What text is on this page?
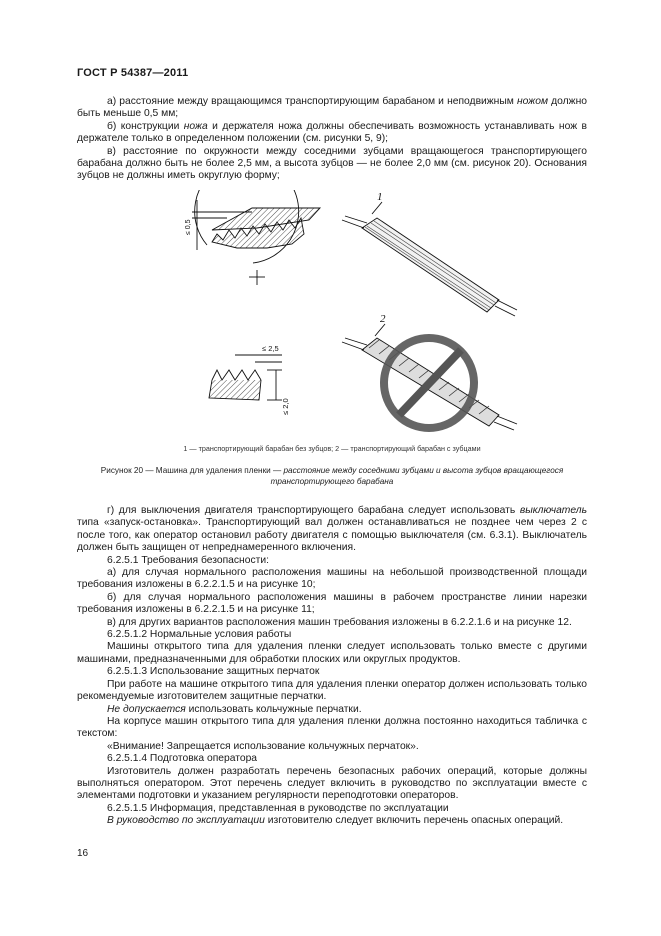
ГОСТ Р 54387—2011

а) расстояние между вращающимся транспортирующим барабаном и неподвижным ножом должно быть меньше 0,5 мм;

б) конструкции ножа и держателя ножа должны обеспечивать возможность устанавливать нож в держателе только в определенном положении (см. рисунки 5, 9);

в) расстояние по окружности между соседними зубцами вращающегося транспортирующего барабана должно быть не более 2,5 мм, а высота зубцов — не более 2,0 мм (см. рисунок 20). Основания зубцов не должны иметь округлую форму;

≤ 0,5
≤ 2,5
≤ 2,0
1
2
1 — транспортирующий барабан без зубцов; 2 — транспортирующий барабан с зубцами
Рисунок 20 — Машина для удаления пленки — расстояние между соседними зубцами и высота зубцов вращающегося транспортирующего барабана

г) для выключения двигателя транспортирующего барабана следует использовать выключатель типа «запуск-остановка». Транспортирующий вал должен останавливаться не позднее чем через 2 с после того, как оператор остановил работу двигателя с помощью выключателя (см. 6.3.1). Выключатель должен быть защищен от непреднамеренного включения.

6.2.5.1 Требования безопасности:

а) для случая нормального расположения машины на небольшой производственной площади требования изложены в 6.2.2.1.5 и на рисунке 10;

б) для случая нормального расположения машины в рабочем пространстве линии нарезки требования изложены в 6.2.2.1.5 и на рисунке 11;

в) для других вариантов расположения машин требования изложены в 6.2.2.1.6 и на рисунке 12.

6.2.5.1.2 Нормальные условия работы

Машины открытого типа для удаления пленки следует использовать только вместе с другими машинами, предназначенными для обработки плоских или округлых продуктов.

6.2.5.1.3 Использование защитных перчаток

При работе на машине открытого типа для удаления пленки оператор должен использовать только рекомендуемые изготовителем защитные перчатки.

Не допускается использовать кольчужные перчатки.

На корпусе машин открытого типа для удаления пленки должна постоянно находиться табличка с текстом:

«Внимание! Запрещается использование кольчужных перчаток».

6.2.5.1.4 Подготовка оператора

Изготовитель должен разработать перечень безопасных рабочих операций, которые должны выполняться оператором. Этот перечень следует включить в руководство по эксплуатации вместе с элементами подготовки и указанием регулярности переподготовки операторов.

6.2.5.1.5 Информация, представленная в руководстве по эксплуатации

В руководство по эксплуатации изготовителю следует включить перечень опасных операций.

16
